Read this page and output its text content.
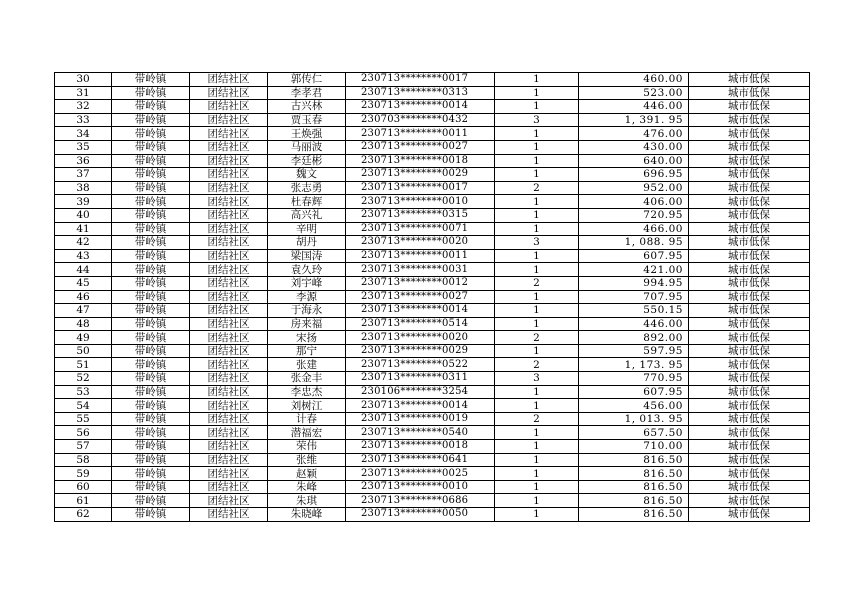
30	带岭镇	团结社区	郭传仁	230713********0017	1	460.00	城市低保
31	带岭镇	团结社区	李孝君	230713********0313	1	523.00	城市低保
32	带岭镇	团结社区	古兴林	230713********0014	1	446.00	城市低保
33	带岭镇	团结社区	贾玉春	230703********0432	3	1, 391. 95	城市低保
34	带岭镇	团结社区	王焕强	230713********0011	1	476.00	城市低保
35	带岭镇	团结社区	马丽波	230713********0027	1	430.00	城市低保
36	带岭镇	团结社区	李廷彬	230713********0018	1	640.00	城市低保
37	带岭镇	团结社区	魏文	230713********0029	1	696.95	城市低保
38	带岭镇	团结社区	张志勇	230713********0017	2	952.00	城市低保
39	带岭镇	团结社区	杜春辉	230713********0010	1	406.00	城市低保
40	带岭镇	团结社区	高兴礼	230713********0315	1	720.95	城市低保
41	带岭镇	团结社区	辛明	230713********0071	1	466.00	城市低保
42	带岭镇	团结社区	胡丹	230713********0020	3	1, 088. 95	城市低保
43	带岭镇	团结社区	梁国涛	230713********0011	1	607.95	城市低保
44	带岭镇	团结社区	袁久玲	230713********0031	1	421.00	城市低保
45	带岭镇	团结社区	刘宇峰	230713********0012	2	994.95	城市低保
46	带岭镇	团结社区	李源	230713********0027	1	707.95	城市低保
47	带岭镇	团结社区	于海永	230713********0014	1	550.15	城市低保
48	带岭镇	团结社区	房来福	230713********0514	1	446.00	城市低保
49	带岭镇	团结社区	宋扬	230713********0020	2	892.00	城市低保
50	带岭镇	团结社区	那宁	230713********0029	1	597.95	城市低保
51	带岭镇	团结社区	张建	230713********0522	2	1, 173. 95	城市低保
52	带岭镇	团结社区	张金丰	230713********0311	3	770.95	城市低保
53	带岭镇	团结社区	李忠杰	230106********3254	1	607.95	城市低保
54	带岭镇	团结社区	刘树江	230713********0014	1	456.00	城市低保
55	带岭镇	团结社区	计春	230713********0019	2	1, 013. 95	城市低保
56	带岭镇	团结社区	潜福宏	230713********0540	1	657.50	城市低保
57	带岭镇	团结社区	荣伟	230713********0018	1	710.00	城市低保
58	带岭镇	团结社区	张维	230713********0641	1	816.50	城市低保
59	带岭镇	团结社区	赵颖	230713********0025	1	816.50	城市低保
60	带岭镇	团结社区	朱峰	230713********0010	1	816.50	城市低保
61	带岭镇	团结社区	朱琪	230713********0686	1	816.50	城市低保
62	带岭镇	团结社区	朱晓峰	230713********0050	1	816.50	城市低保
